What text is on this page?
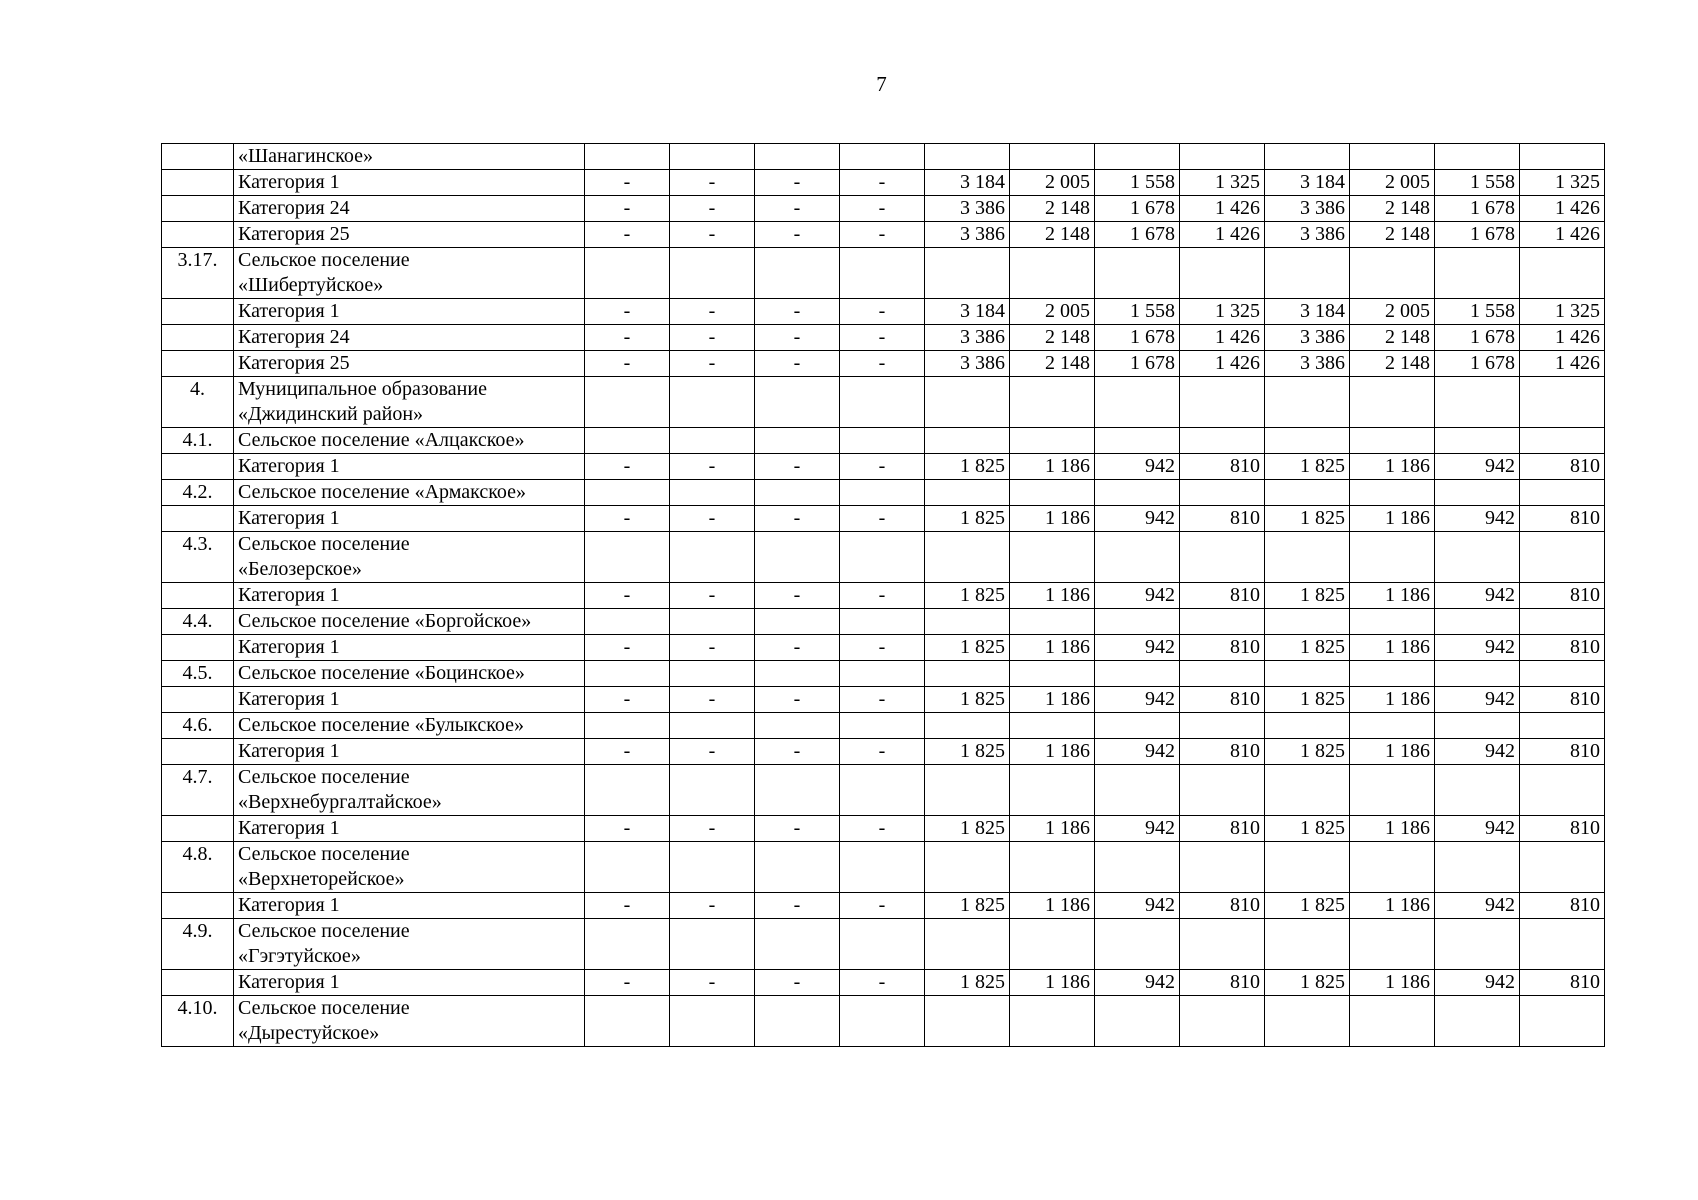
7
	«Шанагинское»												
	Категория 1	-	-	-	-	3 184	2 005	1 558	1 325	3 184	2 005	1 558	1 325
	Категория 24	-	-	-	-	3 386	2 148	1 678	1 426	3 386	2 148	1 678	1 426
	Категория 25	-	-	-	-	3 386	2 148	1 678	1 426	3 386	2 148	1 678	1 426
3.17.	Сельское поселение
«Шибертуйское»												
	Категория 1	-	-	-	-	3 184	2 005	1 558	1 325	3 184	2 005	1 558	1 325
	Категория 24	-	-	-	-	3 386	2 148	1 678	1 426	3 386	2 148	1 678	1 426
	Категория 25	-	-	-	-	3 386	2 148	1 678	1 426	3 386	2 148	1 678	1 426
4.	Муниципальное образование
«Джидинский район»												
4.1.	Сельское поселение «Алцакское»												
	Категория 1	-	-	-	-	1 825	1 186	942	810	1 825	1 186	942	810
4.2.	Сельское поселение «Армакское»												
	Категория 1	-	-	-	-	1 825	1 186	942	810	1 825	1 186	942	810
4.3.	Сельское поселение
«Белозерское»												
	Категория 1	-	-	-	-	1 825	1 186	942	810	1 825	1 186	942	810
4.4.	Сельское поселение «Боргойское»												
	Категория 1	-	-	-	-	1 825	1 186	942	810	1 825	1 186	942	810
4.5.	Сельское поселение «Боцинское»												
	Категория 1	-	-	-	-	1 825	1 186	942	810	1 825	1 186	942	810
4.6.	Сельское поселение «Булыкское»												
	Категория 1	-	-	-	-	1 825	1 186	942	810	1 825	1 186	942	810
4.7.	Сельское поселение
«Верхнебургалтайское»												
	Категория 1	-	-	-	-	1 825	1 186	942	810	1 825	1 186	942	810
4.8.	Сельское поселение
«Верхнеторейское»												
	Категория 1	-	-	-	-	1 825	1 186	942	810	1 825	1 186	942	810
4.9.	Сельское поселение
«Гэгэтуйское»												
	Категория 1	-	-	-	-	1 825	1 186	942	810	1 825	1 186	942	810
4.10.	Сельское поселение
«Дырестуйское»												
